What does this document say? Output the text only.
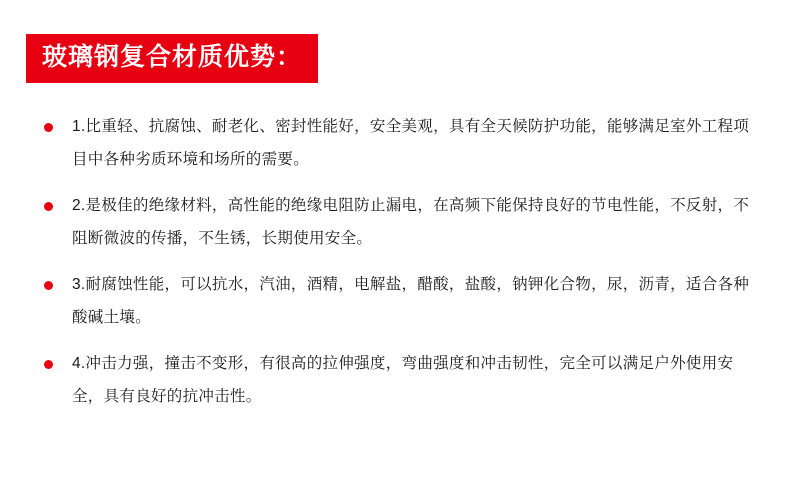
玻璃钢复合材质优势：
1.比重轻、抗腐蚀、耐老化、密封性能好，安全美观，具有全天候防护功能，能够满足室外工程项目中各种劣质环境和场所的需要。
2.是极佳的绝缘材料，高性能的绝缘电阻防止漏电，在高频下能保持良好的节电性能，不反射，不阻断微波的传播，不生锈，长期使用安全。
3.耐腐蚀性能，可以抗水，汽油，酒精，电解盐，醋酸，盐酸，钠钾化合物，尿，沥青，适合各种酸碱土壤。
4.冲击力强，撞击不变形，有很高的拉伸强度，弯曲强度和冲击韧性，完全可以满足户外使用安全，具有良好的抗冲击性。
